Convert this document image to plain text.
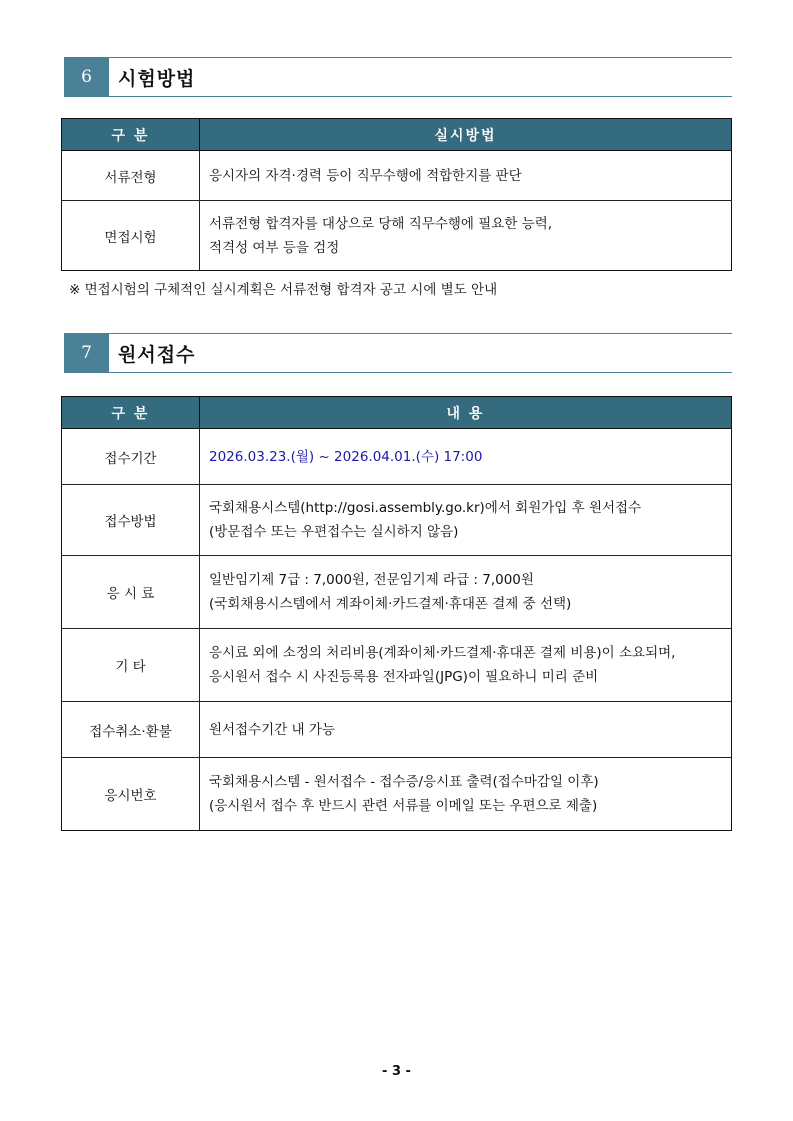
6	시험방법
구 분	실시방법
서류전형	응시자의 자격·경력 등이 직무수행에 적합한지를 판단

면접시험	서류전형 합격자를 대상으로 당해 직무수행에 필요한 능력,
적격성 여부 등을 검정
※ 면접시험의 구체적인 실시계획은 서류전형 합격자 공고 시에 별도 안내
7	원서접수
구 분	내 용
접수기간	2026.03.23.(월) ~ 2026.04.01.(수) 17:00

접수방법	국회채용시스템(http://gosi.assembly.go.kr)에서 회원가입 후 원서접수
(방문접수 또는 우편접수는 실시하지 않음)

응 시 료	일반임기제 7급 : 7,000원, 전문임기제 라급 : 7,000원
(국회채용시스템에서 계좌이체·카드결제·휴대폰 결제 중 선택)

기 타	응시료 외에 소정의 처리비용(계좌이체·카드결제·휴대폰 결제 비용)이 소요되며,
응시원서 접수 시 사진등록용 전자파일(JPG)이 필요하니 미리 준비

접수취소·환불	원서접수기간 내 가능

응시번호	국회채용시스템 - 원서접수 - 접수증/응시표 출력(접수마감일 이후)
(응시원서 접수 후 반드시 관련 서류를 이메일 또는 우편으로 제출)
- 3 -
